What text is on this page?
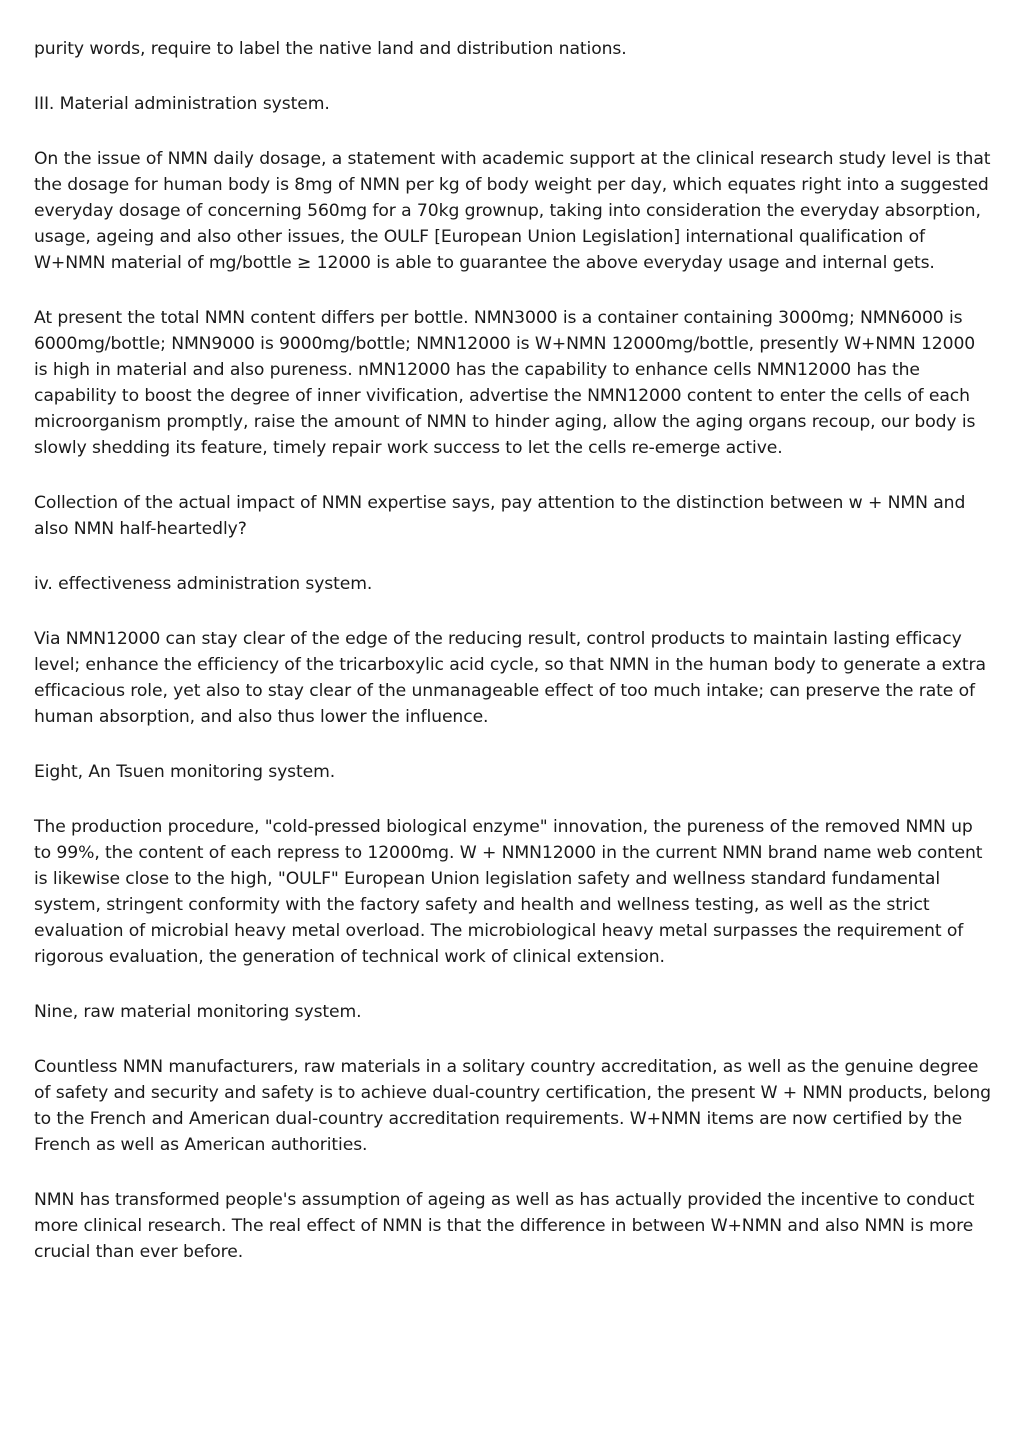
purity words, require to label the native land and distribution nations.

III. Material administration system.

On the issue of NMN daily dosage, a statement with academic support at the clinical research study level is that the dosage for human body is 8mg of NMN per kg of body weight per day, which equates right into a suggested everyday dosage of concerning 560mg for a 70kg grownup, taking into consideration the everyday absorption, usage, ageing and also other issues, the OULF [European Union Legislation] international qualification of W+NMN material of mg/bottle ≥ 12000 is able to guarantee the above everyday usage and internal gets.

At present the total NMN content differs per bottle. NMN3000 is a container containing 3000mg; NMN6000 is 6000mg/bottle; NMN9000 is 9000mg/bottle; NMN12000 is W+NMN 12000mg/bottle, presently W+NMN 12000 is high in material and also pureness. nMN12000 has the capability to enhance cells NMN12000 has the capability to boost the degree of inner vivification, advertise the NMN12000 content to enter the cells of each microorganism promptly, raise the amount of NMN to hinder aging, allow the aging organs recoup, our body is slowly shedding its feature, timely repair work success to let the cells re-emerge active.

Collection of the actual impact of NMN expertise says, pay attention to the distinction between w + NMN and also NMN half-heartedly?

iv. effectiveness administration system.

Via NMN12000 can stay clear of the edge of the reducing result, control products to maintain lasting efficacy level; enhance the efficiency of the tricarboxylic acid cycle, so that NMN in the human body to generate a extra efficacious role, yet also to stay clear of the unmanageable effect of too much intake; can preserve the rate of human absorption, and also thus lower the influence.

Eight, An Tsuen monitoring system.

The production procedure, "cold-pressed biological enzyme" innovation, the pureness of the removed NMN up to 99%, the content of each repress to 12000mg. W + NMN12000 in the current NMN brand name web content is likewise close to the high, "OULF" European Union legislation safety and wellness standard fundamental system, stringent conformity with the factory safety and health and wellness testing, as well as the strict evaluation of microbial heavy metal overload. The microbiological heavy metal surpasses the requirement of rigorous evaluation, the generation of technical work of clinical extension.

Nine, raw material monitoring system.

Countless NMN manufacturers, raw materials in a solitary country accreditation, as well as the genuine degree of safety and security and safety is to achieve dual-country certification, the present W + NMN products, belong to the French and American dual-country accreditation requirements. W+NMN items are now certified by the French as well as American authorities.

NMN has transformed people's assumption of ageing as well as has actually provided the incentive to conduct more clinical research. The real effect of NMN is that the difference in between W+NMN and also NMN is more crucial than ever before.
